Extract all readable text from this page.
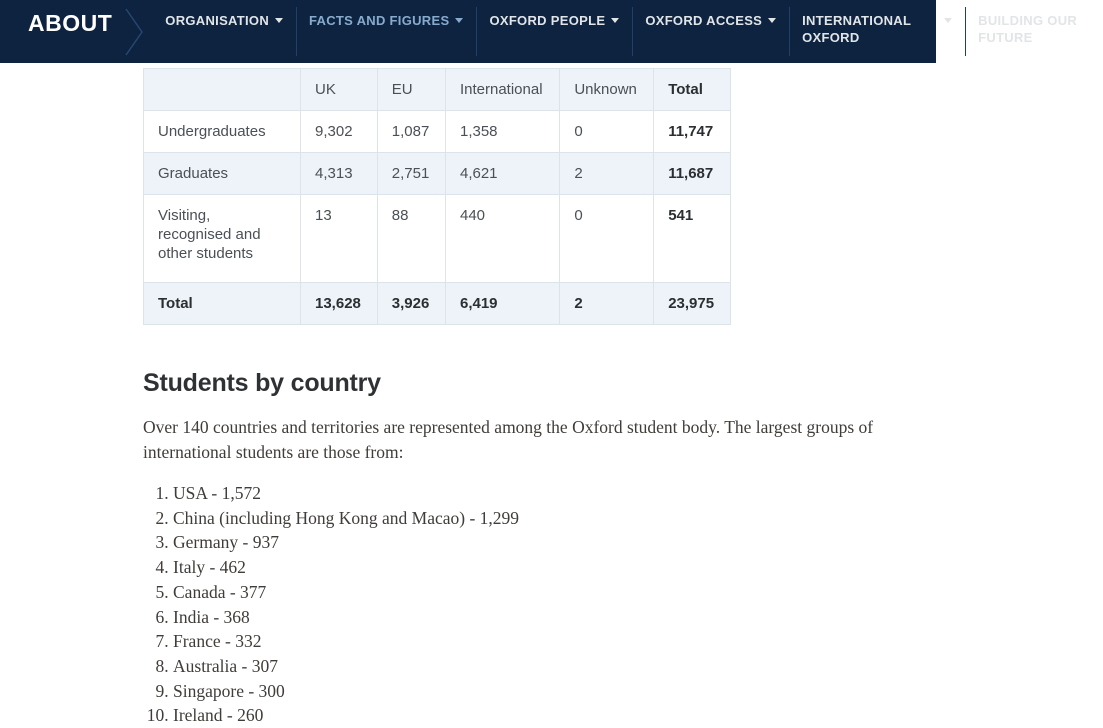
ABOUT	ORGANISATION	FACTS AND FIGURES	OXFORD PEOPLE	OXFORD ACCESS	INTERNATIONAL OXFORD
BUILDING OUR FUTURE
	UK	EU	International	Unknown	Total
Undergraduates	9,302	1,087	1,358	0	11,747
Graduates	4,313	2,751	4,621	2	11,687
Visiting, recognised and other students	13	88	440	0	541
Total	13,628	3,926	6,419	2	23,975
Students by country

Over 140 countries and territories are represented among the Oxford student body. The largest groups of international students are those from:

1. USA - 1,572
2. China (including Hong Kong and Macao) - 1,299
3. Germany - 937
4. Italy - 462
5. Canada - 377
6. India - 368
7. France - 332
8. Australia - 307
9. Singapore - 300
10. Ireland - 260
